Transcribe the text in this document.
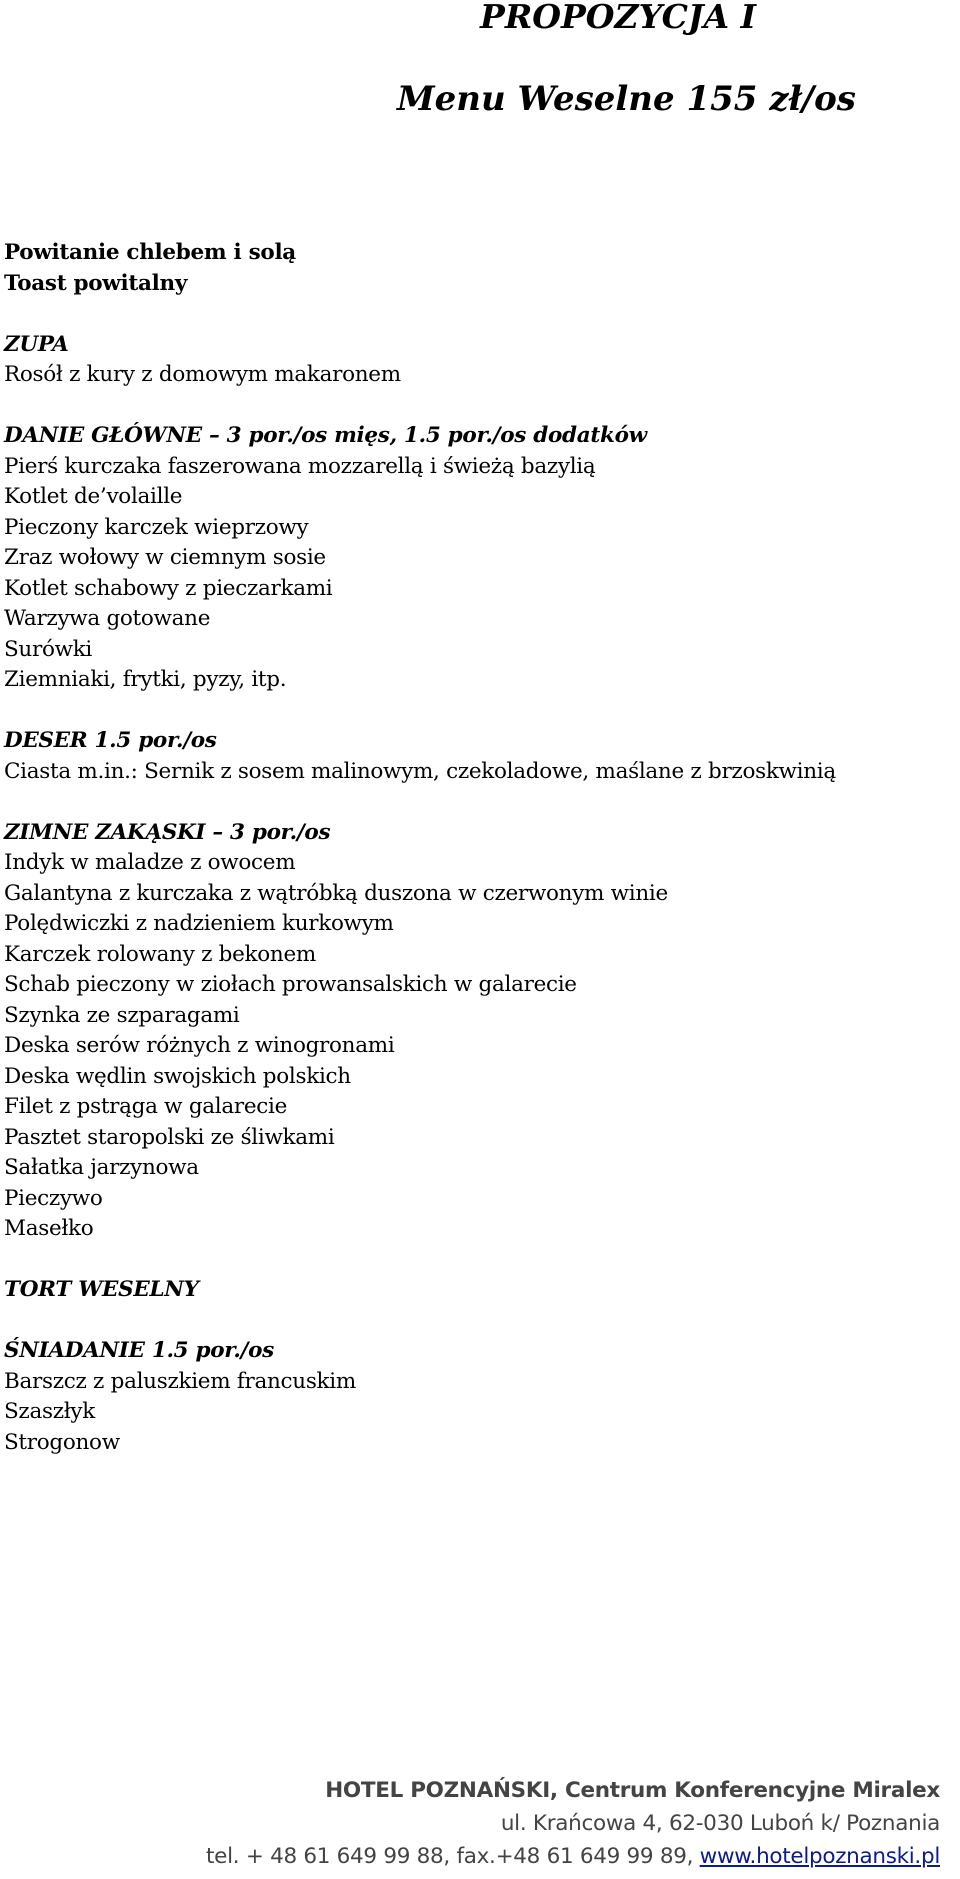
PROPOZYCJA I
Menu Weselne 155 zł/os
Powitanie chlebem i solą
Toast powitalny
ZUPA
Rosół z kury z domowym makaronem
DANIE GŁÓWNE – 3 por./os mięs, 1.5 por./os dodatków
Pierś kurczaka faszerowana mozzarellą i świeżą bazylią
Kotlet de’volaille
Pieczony karczek wieprzowy
Zraz wołowy w ciemnym sosie
Kotlet schabowy z pieczarkami
Warzywa gotowane
Surówki
Ziemniaki, frytki, pyzy, itp.
DESER 1.5 por./os
Ciasta m.in.: Sernik z sosem malinowym, czekoladowe, maślane z brzoskwinią
ZIMNE ZAKĄSKI – 3 por./os
Indyk w maladze z owocem
Galantyna z kurczaka z wątróbką duszona w czerwonym winie
Polędwiczki z nadzieniem kurkowym
Karczek rolowany z bekonem
Schab pieczony w ziołach prowansalskich w galarecie
Szynka ze szparagami
Deska serów różnych z winogronami
Deska wędlin swojskich polskich
Filet z pstrąga w galarecie
Pasztet staropolski ze śliwkami
Sałatka jarzynowa
Pieczywo
Masełko
TORT WESELNY
ŚNIADANIE 1.5 por./os
Barszcz z paluszkiem francuskim
Szaszłyk
Strogonow
HOTEL POZNAŃSKI, Centrum Konferencyjne Miralex
ul. Krańcowa 4, 62-030 Luboń k/ Poznania
tel. + 48 61 649 99 88, fax.+48 61 649 99 89, www.hotelpoznanski.pl
